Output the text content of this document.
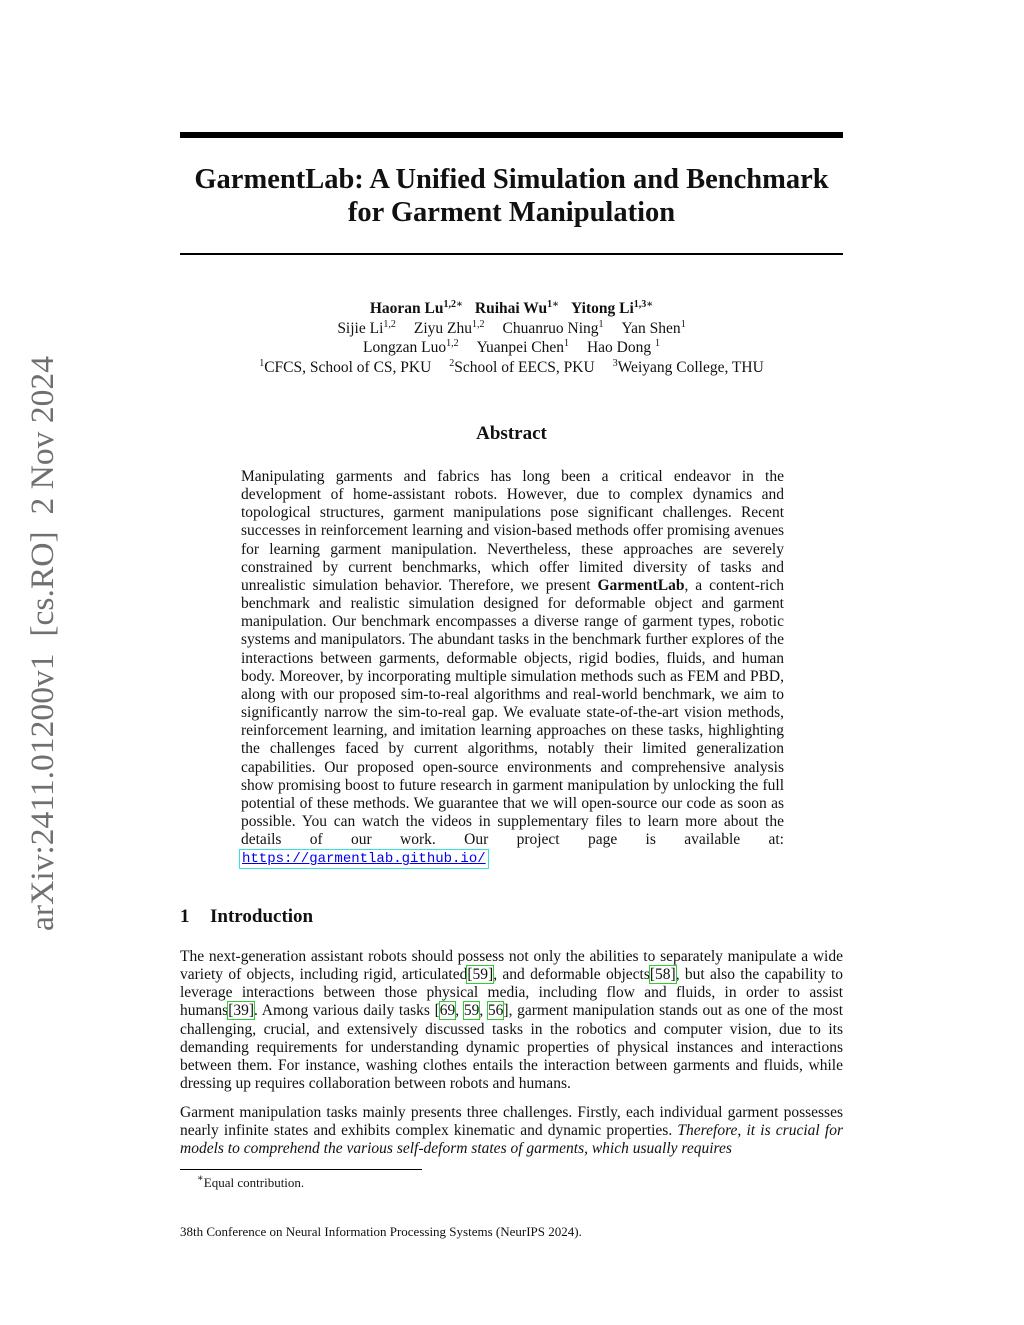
arXiv:2411.01200v1  [cs.RO]  2 Nov 2024
GarmentLab: A Unified Simulation and Benchmark
for Garment Manipulation
Haoran $Lu^{1,2∗}$ Ruihai $Wu^{1∗}$ Yitong $Li^{1,3∗}$
Sijie Li$^{1,2}$ Ziyu Zhu$^{1,2}$ Chuanruo Ning$^1$ Yan Shen$^1$
Longzan Luo$^{1,2}$ Yuanpei Chen$^1$ Hao Dong $^1$
$^1$CFCS, School of CS, PKU $^2$School of EECS, PKU $^3$Weiyang College, THU
Abstract
Manipulating garments and fabrics has long been a critical endeavor in the development of home-assistant robots. However, due to complex dynamics and topological structures, garment manipulations pose significant challenges. Recent successes in reinforcement learning and vision-based methods offer promising avenues for learning garment manipulation. Nevertheless, these approaches are severely constrained by current benchmarks, which offer limited diversity of tasks and unrealistic simulation behavior. Therefore, we present GarmentLab, a content-rich benchmark and realistic simulation designed for deformable object and garment manipulation. Our benchmark encompasses a diverse range of garment types, robotic systems and manipulators. The abundant tasks in the benchmark further explores of the interactions between garments, deformable objects, rigid bodies, fluids, and human body. Moreover, by incorporating multiple simulation methods such as FEM and PBD, along with our proposed sim-to-real algorithms and real-world benchmark, we aim to significantly narrow the sim-to-real gap. We evaluate state-of-the-art vision methods, reinforcement learning, and imitation learning approaches on these tasks, highlighting the challenges faced by current algorithms, notably their limited generalization capabilities. Our proposed open-source environments and comprehensive analysis show promising boost to future research in garment manipulation by unlocking the full potential of these methods. We guarantee that we will open-source our code as soon as possible. You can watch the videos in supplementary files to learn more about the details of our work. Our project page is available at: https://garmentlab.github.io/
1 Introduction
The next-generation assistant robots should possess not only the abilities to separately manipulate a wide variety of objects, including rigid, articulated[59], and deformable objects[58], but also the capability to leverage interactions between those physical media, including flow and fluids, in order to assist humans[39]. Among various daily tasks [69, 59, 56], garment manipulation stands out as one of the most challenging, crucial, and extensively discussed tasks in the robotics and computer vision, due to its demanding requirements for understanding dynamic properties of physical instances and interactions between them. For instance, washing clothes entails the interaction between garments and fluids, while dressing up requires collaboration between robots and humans.
Garment manipulation tasks mainly presents three challenges. Firstly, each individual garment possesses nearly infinite states and exhibits complex kinematic and dynamic properties. Therefore, it is crucial for models to comprehend the various self-deform states of garments, which usually requires
∗Equal contribution.
38th Conference on Neural Information Processing Systems (NeurIPS 2024).
